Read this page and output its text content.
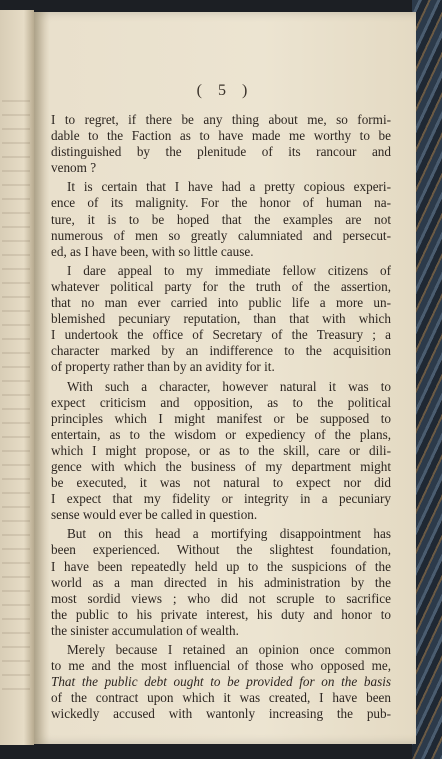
( 5 )
I to regret, if there be any thing about me, so formi-
dable to the Faction as to have made me worthy to be
distinguished by the plenitude of its rancour and
venom ?
It is certain that I have had a pretty copious experi-
ence of its malignity. For the honor of human na-
ture, it is to be hoped that the examples are not
numerous of men so greatly calumniated and persecut-
ed, as I have been, with so little cause.
I dare appeal to my immediate fellow citizens of
whatever political party for the truth of the assertion,
that no man ever carried into public life a more un-
blemished pecuniary reputation, than that with which
I undertook the office of Secretary of the Treasury ; a
character marked by an indifference to the acquisition
of property rather than by an avidity for it.
With such a character, however natural it was to
expect criticism and opposition, as to the political
principles which I might manifest or be supposed to
entertain, as to the wisdom or expediency of the plans,
which I might propose, or as to the skill, care or dili-
gence with which the business of my department might
be executed, it was not natural to expect nor did
I expect that my fidelity or integrity in a pecuniary
sense would ever be called in question.
But on this head a mortifying disappointment has
been experienced. Without the slightest foundation,
I have been repeatedly held up to the suspicions of the
world as a man directed in his administration by the
most sordid views ; who did not scruple to sacrifice
the public to his private interest, his duty and honor to
the sinister accumulation of wealth.
Merely because I retained an opinion once common
to me and the most influencial of those who opposed me,
That the public debt ought to be provided for on the basis
of the contract upon which it was created, I have been
wickedly accused with wantonly increasing the pub-
